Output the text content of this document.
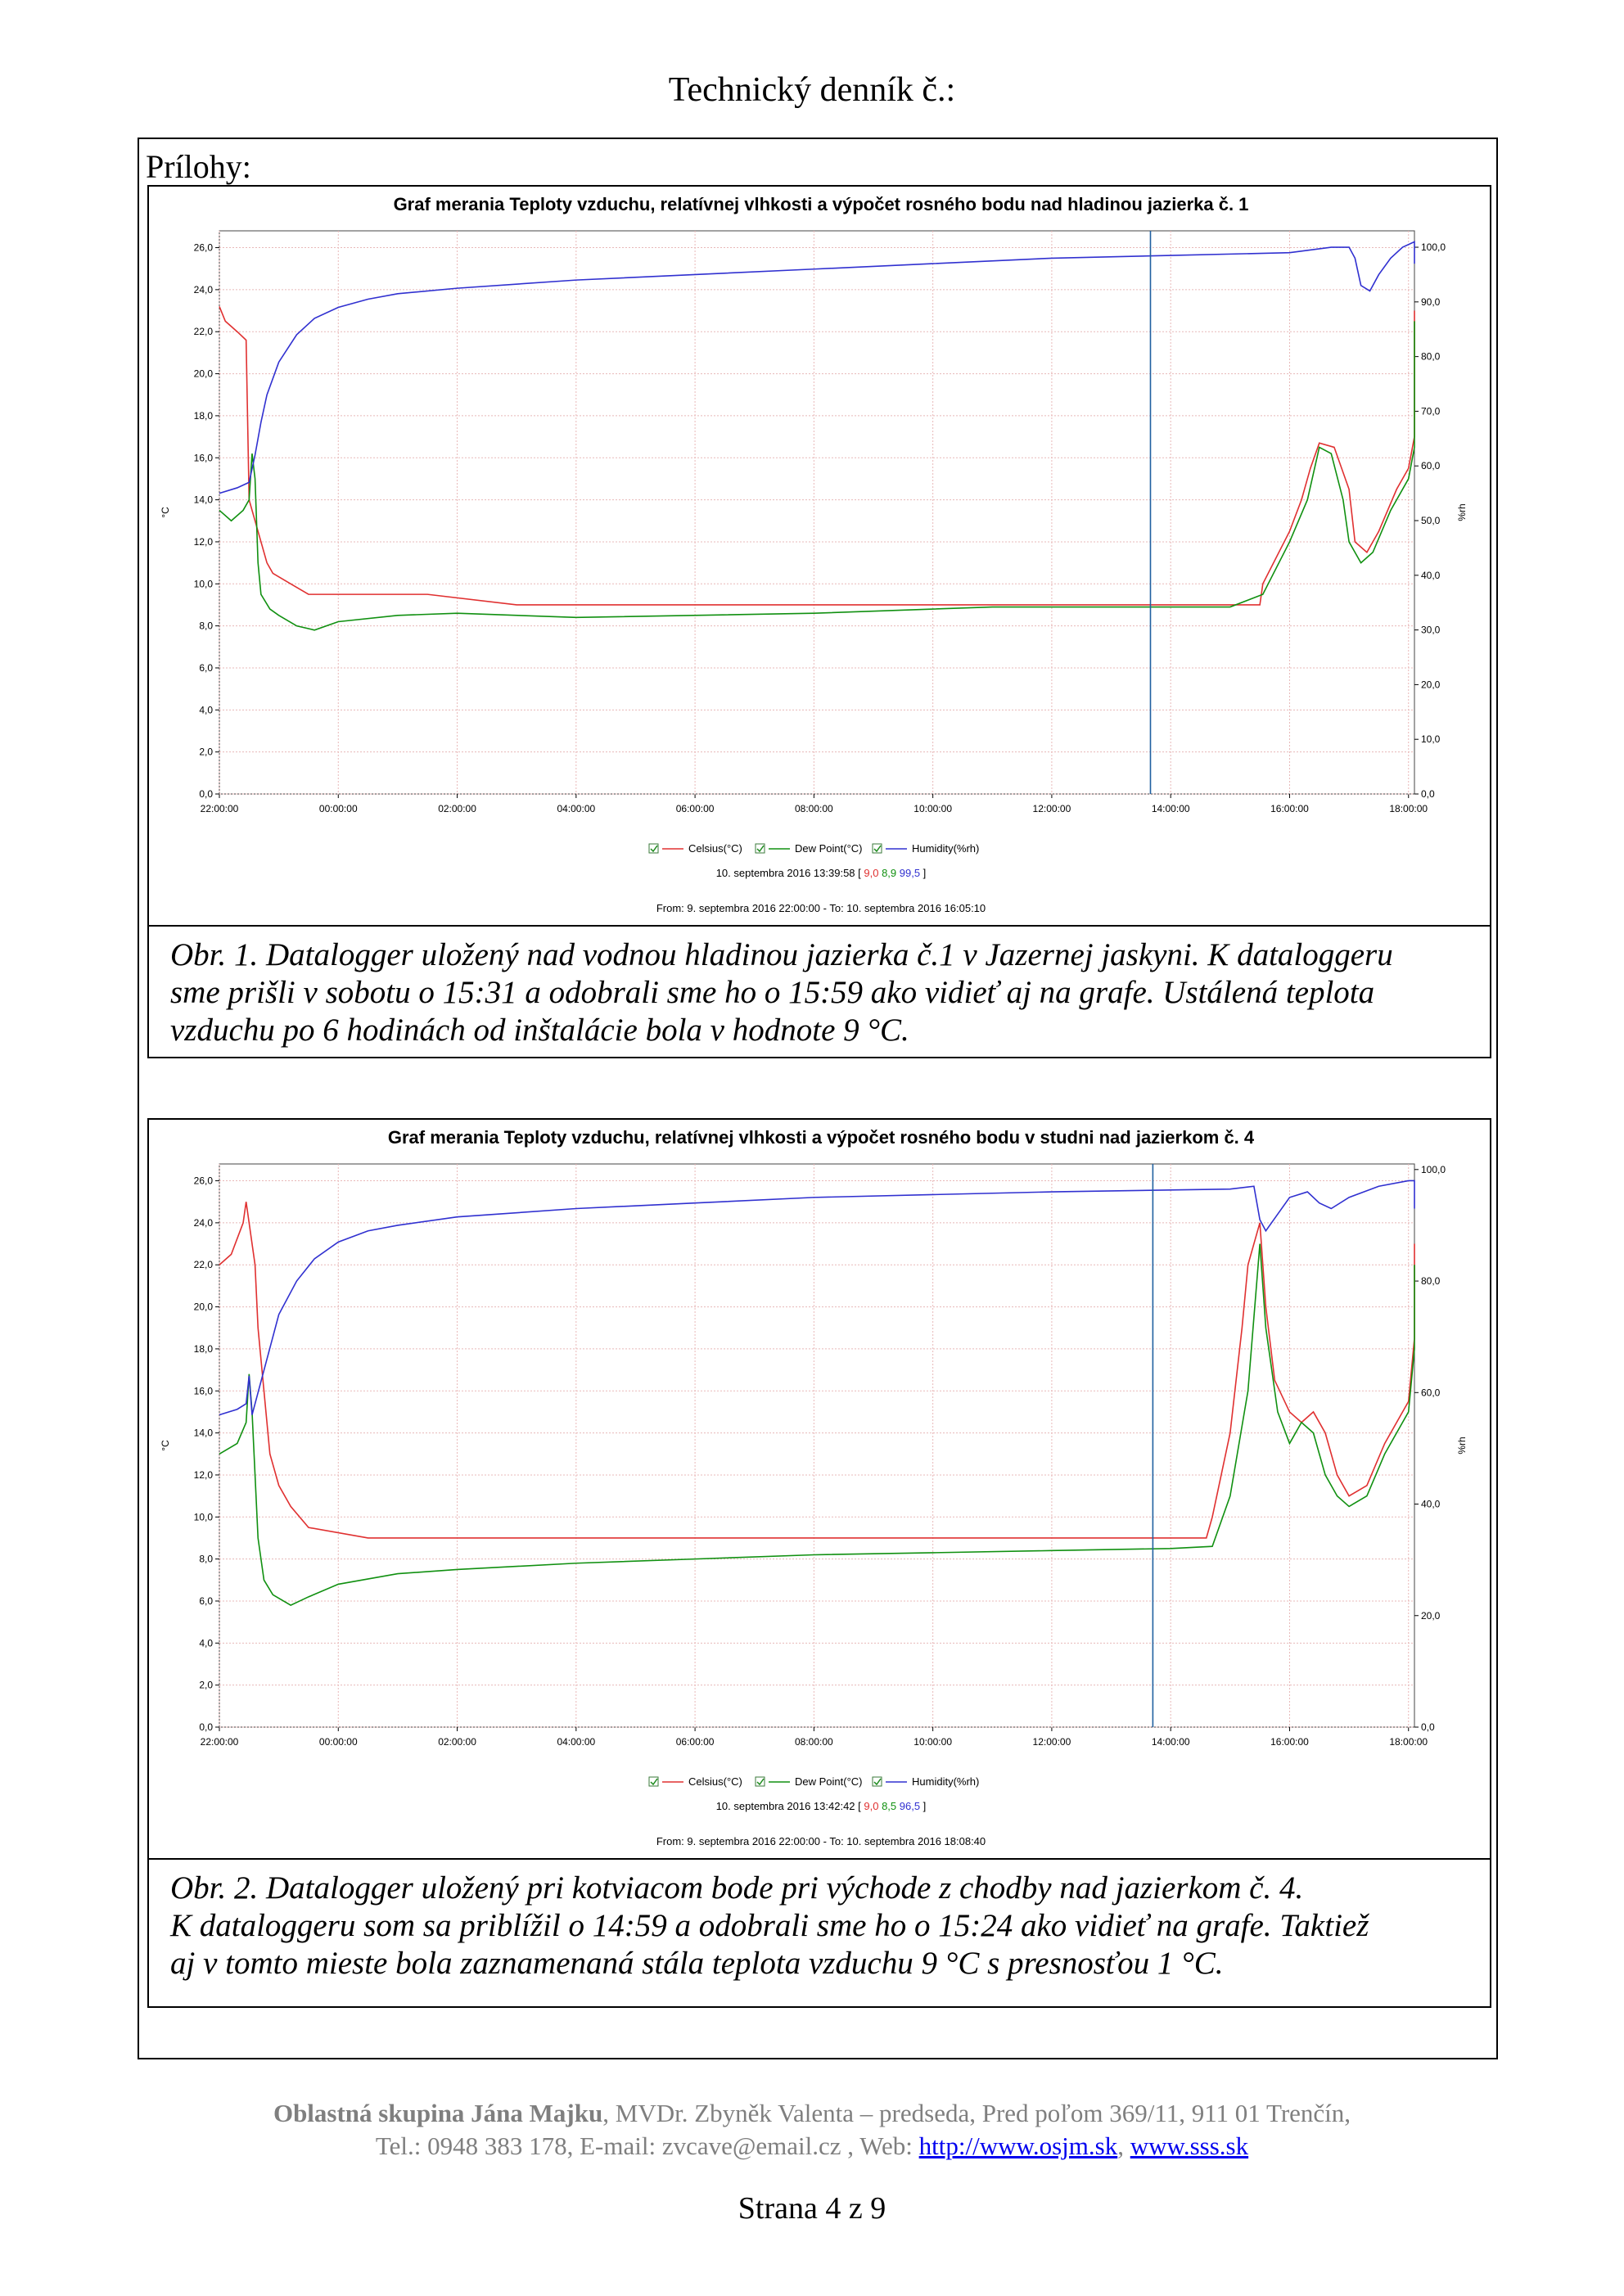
Technický denník č.:
Prílohy:
Graf merania Teploty vzduchu, relatívnej vlhkosti a výpočet rosného bodu nad hladinou jazierka č. 1
22:00:00	00:00:00	02:00:00	04:00:00	06:00:00	08:00:00	10:00:00	12:00:00	14:00:00	16:00:00	18:00:00
0,0
2,0
4,0
6,0
8,0
10,0
12,0
14,0
16,0
18,0
20,0
22,0
24,0
26,0
0,0
10,0
20,0
30,0
40,0
50,0
60,0
70,0
80,0
90,0
100,0
°C	%rh
Celsius(°C)	Dew Point(°C)	Humidity(%rh)
10. septembra 2016 13:39:58 [ 9,0 8,9 99,5 ]
From: 9. septembra 2016 22:00:00 - To: 10. septembra 2016 16:05:10
Obr. 1. Datalogger uložený nad vodnou hladinou jazierka č.1 v Jazernej jaskyni. K dataloggeru
sme prišli v sobotu o 15:31 a odobrali sme ho o 15:59 ako vidieť aj na grafe. Ustálená teplota
vzduchu po 6 hodinách od inštalácie bola v hodnote 9 °C.
Graf merania Teploty vzduchu, relatívnej vlhkosti a výpočet rosného bodu v studni nad jazierkom č. 4
22:00:00	00:00:00	02:00:00	04:00:00	06:00:00	08:00:00	10:00:00	12:00:00	14:00:00	16:00:00	18:00:00
0,0
2,0
4,0
6,0
8,0
10,0
12,0
14,0
16,0
18,0
20,0
22,0
24,0
26,0
0,0
20,0
40,0
60,0
80,0
100,0
°C	%rh
Celsius(°C)	Dew Point(°C)	Humidity(%rh)
10. septembra 2016 13:42:42 [ 9,0 8,5 96,5 ]
From: 9. septembra 2016 22:00:00 - To: 10. septembra 2016 18:08:40
Obr. 2. Datalogger uložený pri kotviacom bode pri východe z chodby nad jazierkom č. 4.
K dataloggeru som sa priblížil o 14:59 a odobrali sme ho o 15:24 ako vidieť na grafe. Taktiež
aj v tomto mieste bola zaznamenaná stála teplota vzduchu 9 °C s presnosťou 1 °C.
Oblastná skupina Jána Majku, MVDr. Zbyněk Valenta – predseda, Pred poľom 369/11, 911 01 Trenčín,
Tel.: 0948 383 178, E-mail: zvcave@email.cz , Web: http://www.osjm.sk, www.sss.sk
Strana 4 z 9
